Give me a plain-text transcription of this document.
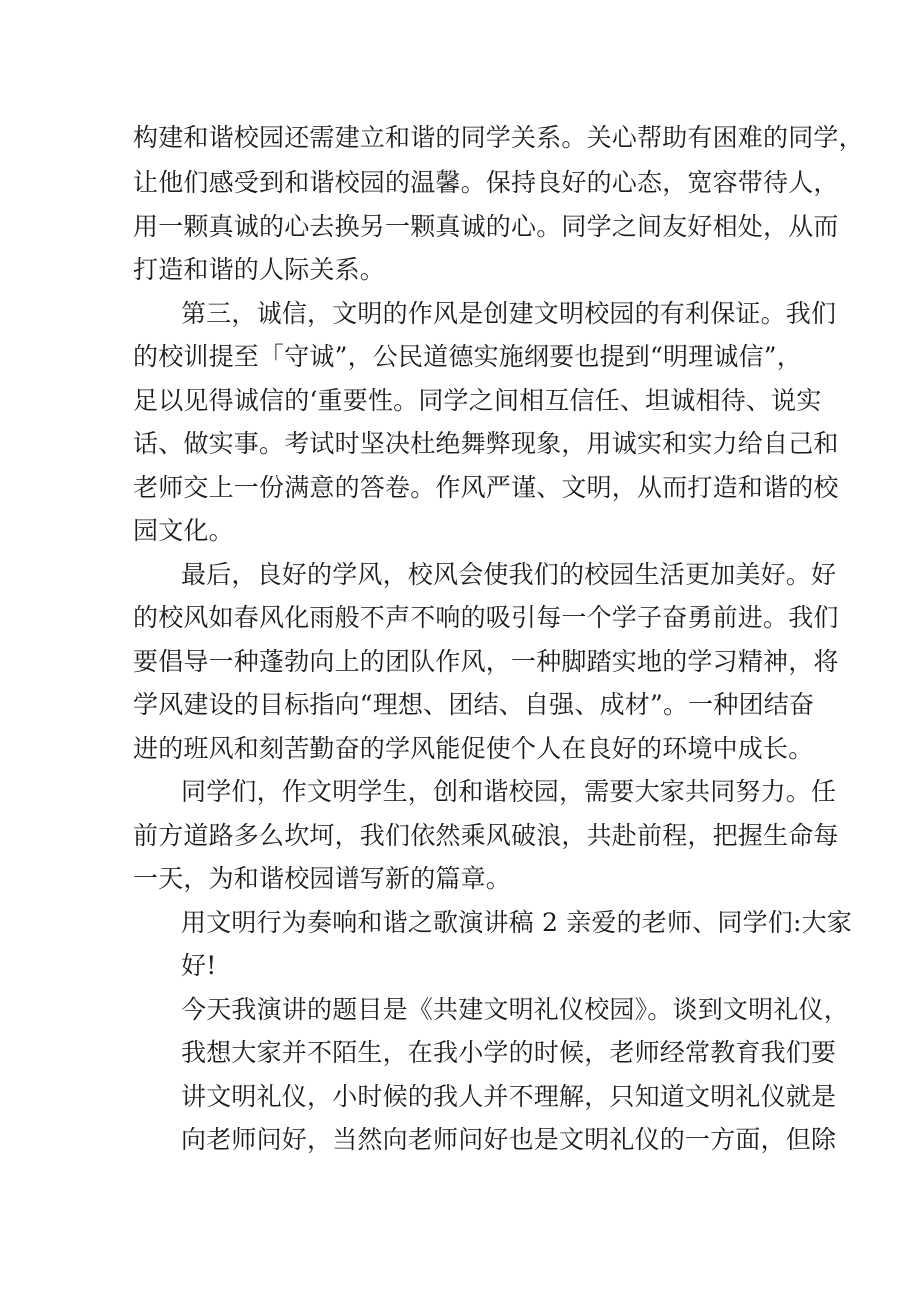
构建和谐校园还需建立和谐的同学关系。关心帮助有困难的同学，

让他们感受到和谐校园的温馨。保持良好的心态，宽容带待人，

用一颗真诚的心去换另一颗真诚的心。同学之间友好相处，从而

打造和谐的人际关系。

第三，诚信，文明的作风是创建文明校园的有利保证。我们

的校训提至「守诚”，公民道德实施纲要也提到“明理诚信”，

足以见得诚信的‘重要性。同学之间相互信任、坦诚相待、说实

话、做实事。考试时坚决杜绝舞弊现象，用诚实和实力给自己和

老师交上一份满意的答卷。作风严谨、文明，从而打造和谐的校

园文化。

最后，良好的学风，校风会使我们的校园生活更加美好。好

的校风如春风化雨般不声不响的吸引每一个学子奋勇前进。我们

要倡导一种蓬勃向上的团队作风，一种脚踏实地的学习精神，将

学风建设的目标指向“理想、团结、自强、成材”。一种团结奋

进的班风和刻苦勤奋的学风能促使个人在良好的环境中成长。

同学们，作文明学生，创和谐校园，需要大家共同努力。任

前方道路多么坎坷，我们依然乘风破浪，共赴前程，把握生命每

一天，为和谐校园谱写新的篇章。

用文明行为奏响和谐之歌演讲稿 2 亲爱的老师、同学们:大家

好!

今天我演讲的题目是《共建文明礼仪校园》。谈到文明礼仪，

我想大家并不陌生，在我小学的时候，老师经常教育我们要

讲文明礼仪，小时候的我人并不理解，只知道文明礼仪就是

向老师问好，当然向老师问好也是文明礼仪的一方面，但除
